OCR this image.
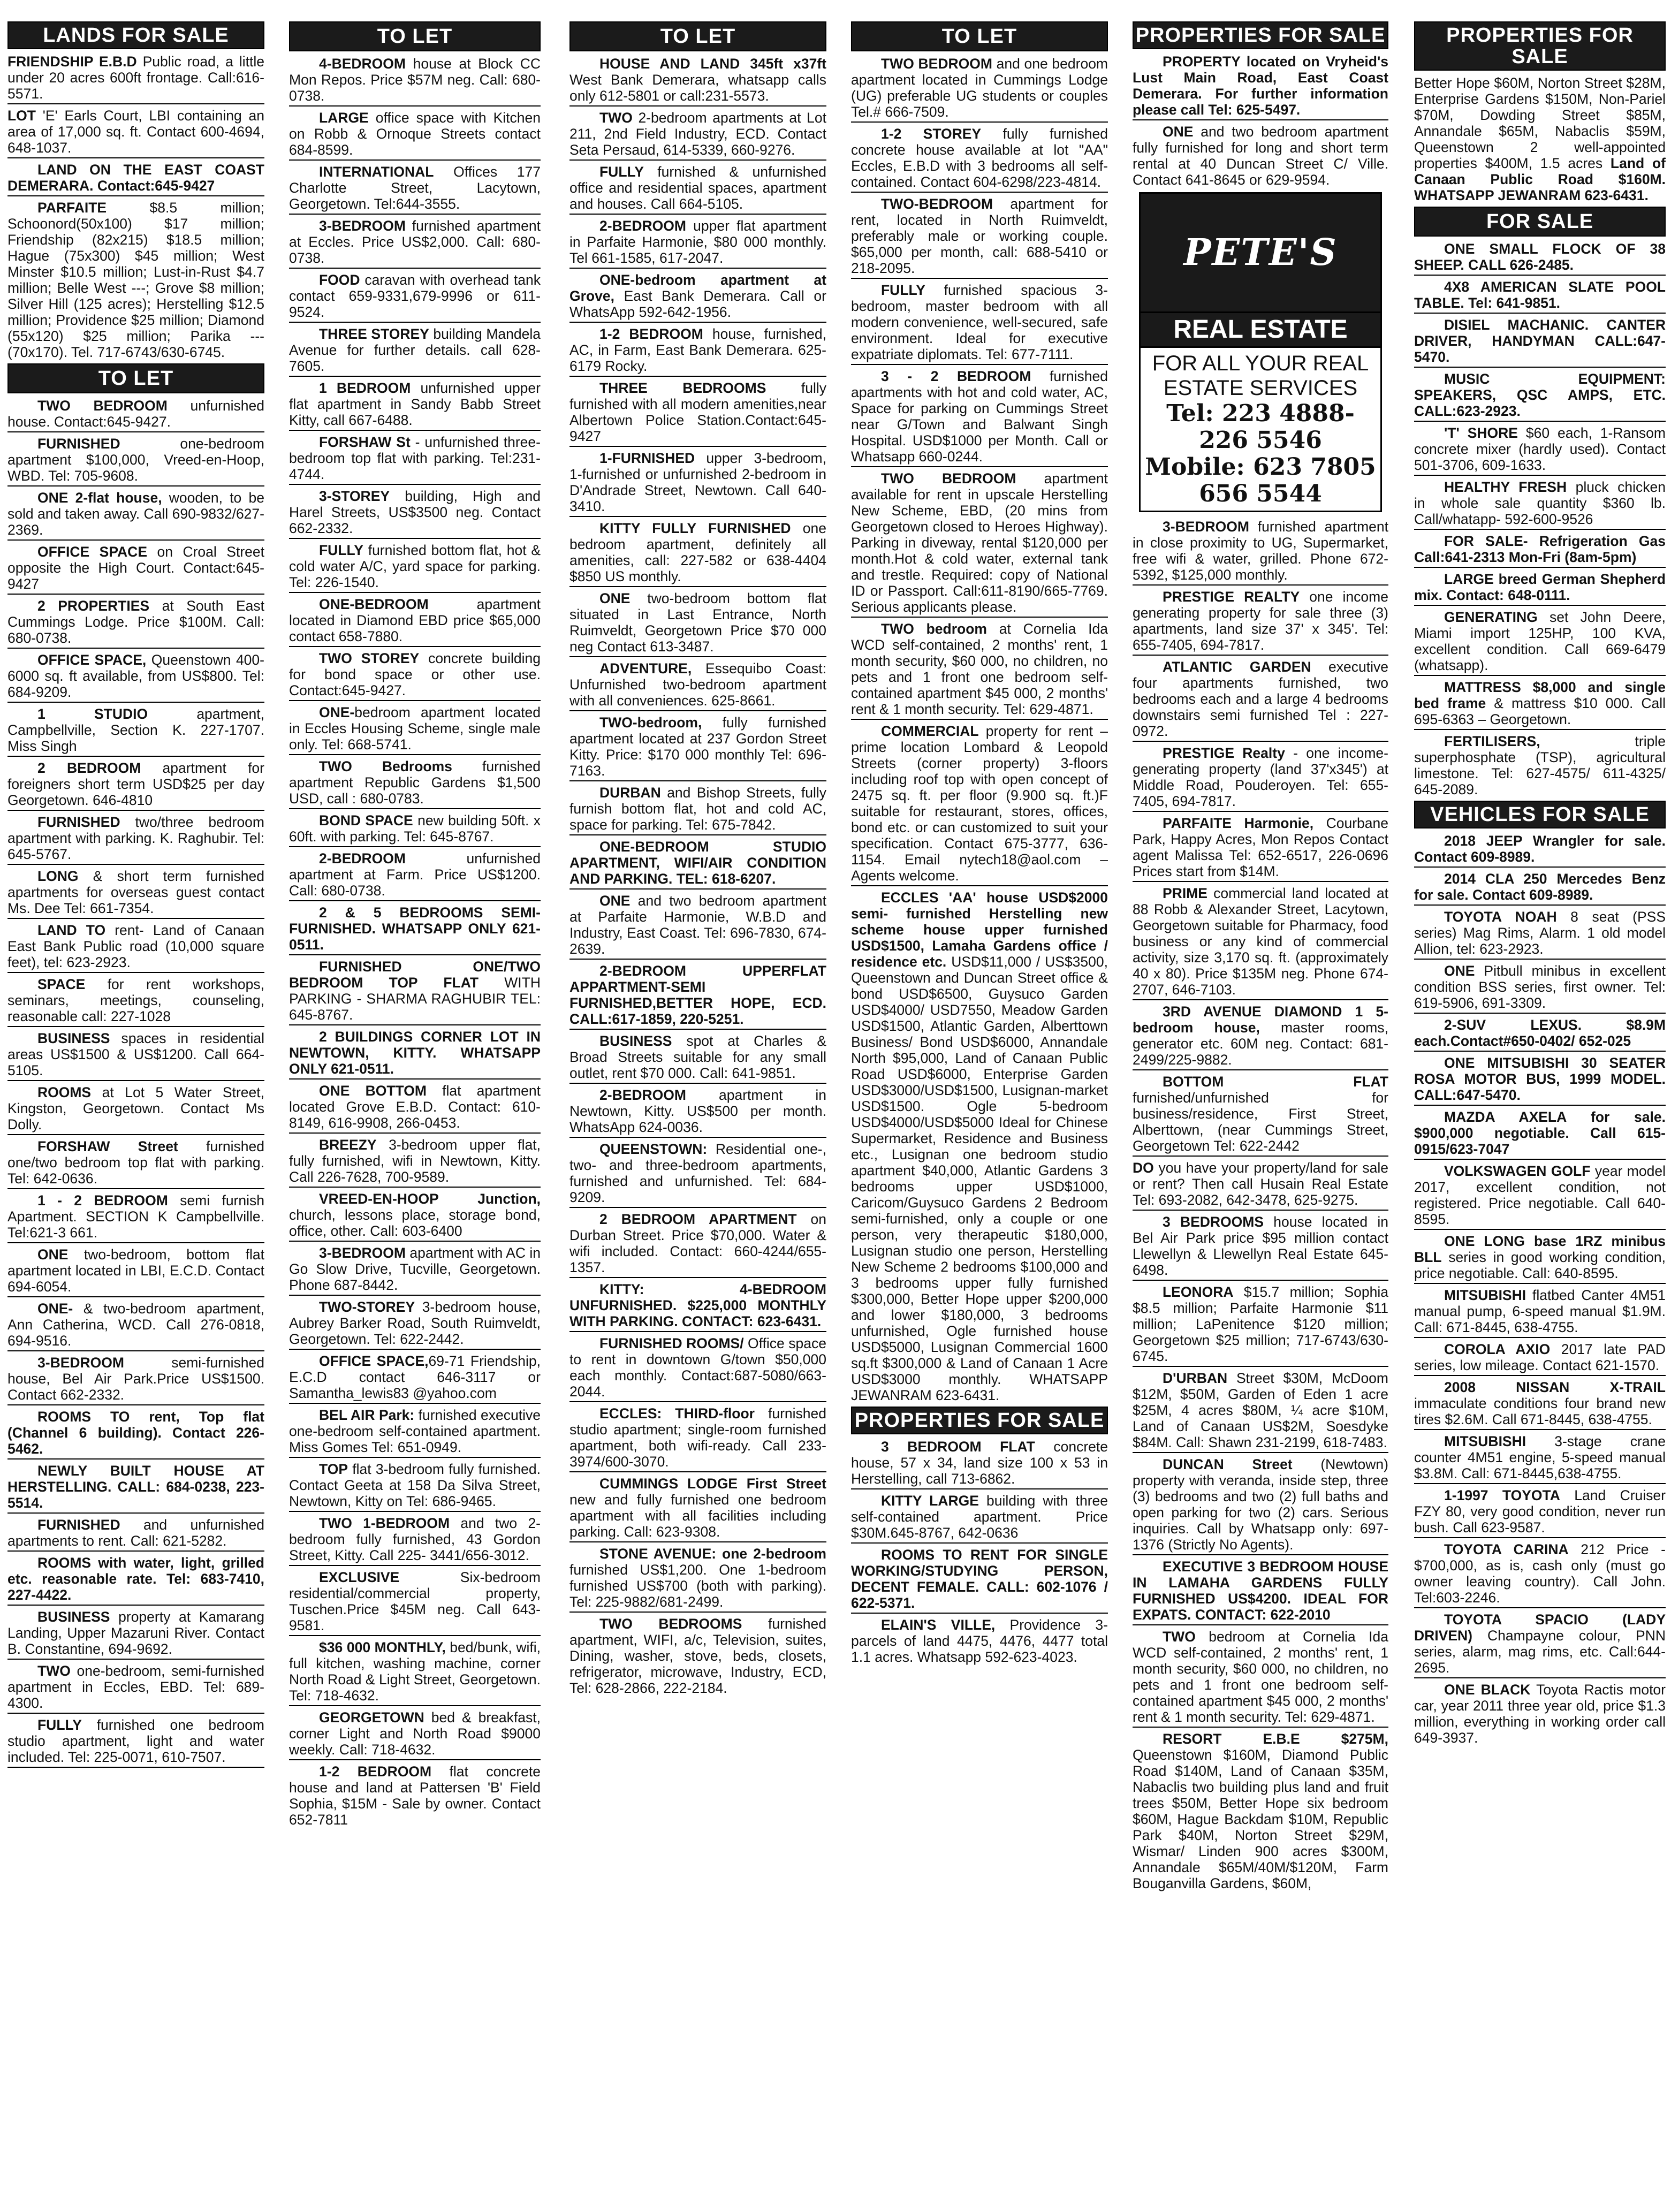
LANDS FOR SALE
FRIENDSHIP E.B.D Public road, a little under 20 acres 600ft frontage. Call:616-5571.
LOT 'E' Earls Court, LBI containing an area of 17,000 sq. ft. Contact 600-4694, 648-1037.
LAND ON THE EAST COAST DEMERARA. Contact:645-9427
PARFAITE $8.5 million; Schoonord(50x100) $17 million; Friendship (82x215) $18.5 million; Hague (75x300) $45 million; West Minster $10.5 million; Lust-in-Rust $4.7 million; Belle West ---; Grove $8 million; Silver Hill (125 acres); Herstelling $12.5 million; Providence $25 million; Diamond (55x120) $25 million; Parika --- (70x170). Tel. 717-6743/630-6745.
TO LET
TWO BEDROOM unfurnished house. Contact:645-9427.
FURNISHED one-bedroom apartment $100,000, Vreed-en-Hoop, WBD. Tel: 705-9608.
ONE 2-flat house, wooden, to be sold and taken away. Call 690-9832/627-2369.
OFFICE SPACE on Croal Street opposite the High Court. Contact:645-9427
2 PROPERTIES at South East Cummings Lodge. Price $100M. Call: 680-0738.
OFFICE SPACE, Queenstown 400-6000 sq. ft available, from US$800. Tel: 684-9209.
1 STUDIO apartment, Campbellville, Section K. 227-1707. Miss Singh
2 BEDROOM apartment for foreigners short term USD$25 per day Georgetown. 646-4810
FURNISHED two/three bedroom apartment with parking. K. Raghubir. Tel: 645-5767.
LONG & short term furnished apartments for overseas guest contact Ms. Dee Tel: 661-7354.
LAND TO rent- Land of Canaan East Bank Public road (10,000 square feet), tel: 623-2923.
SPACE for rent workshops, seminars, meetings, counseling, reasonable call: 227-1028
BUSINESS spaces in residential areas US$1500 & US$1200. Call 664-5105.
ROOMS at Lot 5 Water Street, Kingston, Georgetown. Contact Ms Dolly.
FORSHAW Street furnished one/two bedroom top flat with parking. Tel: 642-0636.
1 - 2 BEDROOM semi furnish Apartment. SECTION K Campbellville. Tel:621-3 661.
ONE two-bedroom, bottom flat apartment located in LBI, E.C.D. Contact 694-6054.
ONE- & two-bedroom apartment, Ann Catherina, WCD. Call 276-0818, 694-9516.
3-BEDROOM semi-furnished house, Bel Air Park.Price US$1500. Contact 662-2332.
ROOMS TO rent, Top flat (Channel 6 building). Contact 226-5462.
NEWLY BUILT HOUSE AT HERSTELLING. CALL: 684-0238, 223-5514.
FURNISHED and unfurnished apartments to rent. Call: 621-5282.
ROOMS with water, light, grilled etc. reasonable rate. Tel: 683-7410, 227-4422.
BUSINESS property at Kamarang Landing, Upper Mazaruni River. Contact B. Constantine, 694-9692.
TWO one-bedroom, semi-furnished apartment in Eccles, EBD. Tel: 689-4300.
FULLY furnished one bedroom studio apartment, light and water included. Tel: 225-0071, 610-7507.
TO LET
4-BEDROOM house at Block CC Mon Repos. Price $57M neg. Call: 680-0738.
LARGE office space with Kitchen on Robb & Ornoque Streets contact 684-8599.
INTERNATIONAL Offices 177 Charlotte Street, Lacytown, Georgetown. Tel:644-3555.
3-BEDROOM furnished apartment at Eccles. Price US$2,000. Call: 680-0738.
FOOD caravan with overhead tank contact 659-9331,679-9996 or 611-9524.
THREE STOREY building Mandela Avenue for further details. call 628-7605.
1 BEDROOM unfurnished upper flat apartment in Sandy Babb Street Kitty, call 667-6488.
FORSHAW St - unfurnished three-bedroom top flat with parking. Tel:231-4744.
3-STOREY building, High and Harel Streets, US$3500 neg. Contact 662-2332.
FULLY furnished bottom flat, hot & cold water A/C, yard space for parking. Tel: 226-1540.
ONE-BEDROOM apartment located in Diamond EBD price $65,000 contact 658-7880.
TWO STOREY concrete building for bond space or other use. Contact:645-9427.
ONE-bedroom apartment located in Eccles Housing Scheme, single male only. Tel: 668-5741.
TWO Bedrooms furnished apartment Republic Gardens $1,500 USD, call : 680-0783.
BOND SPACE new building 50ft. x 60ft. with parking. Tel: 645-8767.
2-BEDROOM unfurnished apartment at Farm. Price US$1200. Call: 680-0738.
2 & 5 BEDROOMS SEMI-FURNISHED. WHATSAPP ONLY 621-0511.
FURNISHED ONE/TWO BEDROOM TOP FLAT WITH PARKING - SHARMA RAGHUBIR TEL: 645-8767.
2 BUILDINGS CORNER LOT IN NEWTOWN, KITTY. WHATSAPP ONLY 621-0511.
ONE BOTTOM flat apartment located Grove E.B.D. Contact: 610-8149, 616-9908, 266-0453.
BREEZY 3-bedroom upper flat, fully furnished, wifi in Newtown, Kitty. Call 226-7628, 700-9589.
VREED-EN-HOOP Junction, church, lessons place, storage bond, office, other. Call: 603-6400
3-BEDROOM apartment with AC in Go Slow Drive, Tucville, Georgetown. Phone 687-8442.
TWO-STOREY 3-bedroom house, Aubrey Barker Road, South Ruimveldt, Georgetown. Tel: 622-2442.
OFFICE SPACE,69-71 Friendship, E.C.D contact 646-3117 or Samantha_lewis83 @yahoo.com
BEL AIR Park: furnished executive one-bedroom self-contained apartment. Miss Gomes Tel: 651-0949.
TOP flat 3-bedroom fully furnished. Contact Geeta at 158 Da Silva Street, Newtown, Kitty on Tel: 686-9465.
TWO 1-BEDROOM and two 2-bedroom fully furnished, 43 Gordon Street, Kitty. Call 225- 3441/656-3012.
EXCLUSIVE Six-bedroom residential/commercial property, Tuschen.Price $45M neg. Call 643-9581.
$36 000 MONTHLY, bed/bunk, wifi, full kitchen, washing machine, corner North Road & Light Street, Georgetown. Tel: 718-4632.
GEORGETOWN bed & breakfast, corner Light and North Road $9000 weekly. Call: 718-4632.
1-2 BEDROOM flat concrete house and land at Pattersen 'B' Field Sophia, $15M - Sale by owner. Contact 652-7811
TO LET
HOUSE AND LAND 345ft x37ft West Bank Demerara, whatsapp calls only 612-5801 or call:231-5573.
TWO 2-bedroom apartments at Lot 211, 2nd Field Industry, ECD. Contact Seta Persaud, 614-5339, 660-9276.
FULLY furnished & unfurnished office and residential spaces, apartment and houses. Call 664-5105.
2-BEDROOM upper flat apartment in Parfaite Harmonie, $80 000 monthly. Tel 661-1585, 617-2047.
ONE-bedroom apartment at Grove, East Bank Demerara. Call or WhatsApp 592-642-1956.
1-2 BEDROOM house, furnished, AC, in Farm, East Bank Demerara. 625-6179 Rocky.
THREE BEDROOMS fully furnished with all modern amenities,near Albertown Police Station.Contact:645-9427
1-FURNISHED upper 3-bedroom, 1-furnished or unfurnished 2-bedroom in D'Andrade Street, Newtown. Call 640-3410.
KITTY FULLY FURNISHED one bedroom apartment, definitely all amenities, call: 227-582 or 638-4404 $850 US monthly.
ONE two-bedroom bottom flat situated in Last Entrance, North Ruimveldt, Georgetown Price $70 000 neg Contact 613-3487.
ADVENTURE, Essequibo Coast: Unfurnished two-bedroom apartment with all conveniences. 625-8661.
TWO-bedroom, fully furnished apartment located at 237 Gordon Street Kitty. Price: $170 000 monthly Tel: 696-7163.
DURBAN and Bishop Streets, fully furnish bottom flat, hot and cold AC, space for parking. Tel: 675-7842.
ONE-BEDROOM STUDIO APARTMENT, WIFI/AIR CONDITION AND PARKING. TEL: 618-6207.
ONE and two bedroom apartment at Parfaite Harmonie, W.B.D and Industry, East Coast. Tel: 696-7830, 674-2639.
2-BEDROOM UPPERFLAT APPARTMENT-SEMI FURNISHED,BETTER HOPE, ECD. CALL:617-1859, 220-5251.
BUSINESS spot at Charles & Broad Streets suitable for any small outlet, rent $70 000. Call: 641-9851.
2-BEDROOM apartment in Newtown, Kitty. US$500 per month. WhatsApp 624-0036.
QUEENSTOWN: Residential one-, two- and three-bedroom apartments, furnished and unfurnished. Tel: 684-9209.
2 BEDROOM APARTMENT on Durban Street. Price $70,000. Water & wifi included. Contact: 660-4244/655-1357.
KITTY: 4-BEDROOM UNFURNISHED. $225,000 MONTHLY WITH PARKING. CONTACT: 623-6431.
FURNISHED ROOMS/ Office space to rent in downtown G/town $50,000 each monthly. Contact:687-5080/663-2044.
ECCLES: THIRD-floor furnished studio apartment; single-room furnished apartment, both wifi-ready. Call 233-3974/600-3070.
CUMMINGS LODGE First Street new and fully furnished one bedroom apartment with all facilities including parking. Call: 623-9308.
STONE AVENUE: one 2-bedroom furnished US$1,200. One 1-bedroom furnished US$700 (both with parking). Tel: 225-9882/681-2499.
TWO BEDROOMS furnished apartment, WIFI, a/c, Television, suites, Dining, washer, stove, beds, closets, refrigerator, microwave, Industry, ECD, Tel: 628-2866, 222-2184.
TO LET
TWO BEDROOM and one bedroom apartment located in Cummings Lodge (UG) preferable UG students or couples Tel.# 666-7509.
1-2 STOREY fully furnished concrete house available at lot "AA" Eccles, E.B.D with 3 bedrooms all self-contained. Contact 604-6298/223-4814.
TWO-BEDROOM apartment for rent, located in North Ruimveldt, preferably male or working couple. $65,000 per month, call: 688-5410 or 218-2095.
FULLY furnished spacious 3-bedroom, master bedroom with all modern convenience, well-secured, safe environment. Ideal for executive expatriate diplomats. Tel: 677-7111.
3 - 2 BEDROOM furnished apartments with hot and cold water, AC, Space for parking on Cummings Street near G/Town and Balwant Singh Hospital. USD$1000 per Month. Call or Whatsapp 660-0244.
TWO BEDROOM apartment available for rent in upscale Herstelling New Scheme, EBD, (20 mins from Georgetown closed to Heroes Highway). Parking in diveway, rental $120,000 per month.Hot & cold water, external tank and trestle. Required: copy of National ID or Passport. Call:611-8190/665-7769. Serious applicants please.
TWO bedroom at Cornelia Ida WCD self-contained, 2 months' rent, 1 month security, $60 000, no children, no pets and 1 front one bedroom self-contained apartment $45 000, 2 months' rent & 1 month security. Tel: 629-4871.
COMMERCIAL property for rent – prime location Lombard & Leopold Streets (corner property) 3-floors including roof top with open concept of 2475 sq. ft. per floor (9.900 sq. ft.)F suitable for restaurant, stores, offices, bond etc. or can customized to suit your specification. Contact 675-3777, 636-1154. Email nytech18@aol.com – Agents welcome.
ECCLES 'AA' house USD$2000 semi- furnished Herstelling new scheme house upper furnished USD$1500, Lamaha Gardens office / residence etc. USD$11,000 / US$3500, Queenstown and Duncan Street office & bond USD$6500, Guysuco Garden USD$4000/ USD7550, Meadow Garden USD$1500, Atlantic Garden, Alberttown Business/ Bond USD$6000, Annandale North $95,000, Land of Canaan Public Road USD$6000, Enterprise Garden USD$3000/USD$1500, Lusignan-market USD$1500. Ogle 5-bedroom USD$4000/USD$5000 Ideal for Chinese Supermarket, Residence and Business etc., Lusignan one bedroom studio apartment $40,000, Atlantic Gardens 3 bedrooms upper USD$1000, Caricom/Guysuco Gardens 2 Bedroom semi-furnished, only a couple or one person, very therapeutic $180,000, Lusignan studio one person, Herstelling New Scheme 2 bedrooms $100,000 and 3 bedrooms upper fully furnished $300,000, Better Hope upper $200,000 and lower $180,000, 3 bedrooms unfurnished, Ogle furnished house USD$5000, Lusignan Commercial 1600 sq.ft $300,000 & Land of Canaan 1 Acre USD$3000 monthly. WHATSAPP JEWANRAM 623-6431.
PROPERTIES FOR SALE
3 BEDROOM FLAT concrete house, 57 x 34, land size 100 x 53 in Herstelling, call 713-6862.
KITTY LARGE building with three self-contained apartment. Price $30M.645-8767, 642-0636
ROOMS TO RENT FOR SINGLE WORKING/STUDYING PERSON, DECENT FEMALE. CALL: 602-1076 / 622-5371.
ELAIN'S VILLE, Providence 3-parcels of land 4475, 4476, 4477 total 1.1 acres. Whatsapp 592-623-4023.
PROPERTIES FOR SALE
PROPERTY located on Vryheid's Lust Main Road, East Coast Demerara. For further information please call Tel: 625-5497.
ONE and two bedroom apartment fully furnished for long and short term rental at 40 Duncan Street C/ Ville. Contact 641-8645 or 629-9594.
PETE'S
REAL ESTATE
FOR ALL YOUR REAL
ESTATE SERVICES
Tel: 223 4888-
226 5546
Mobile: 623 7805
656 5544
3-BEDROOM furnished apartment in close proximity to UG, Supermarket, free wifi & water, grilled. Phone 672-5392, $125,000 monthly.
PRESTIGE REALTY one income generating property for sale three (3) apartments, land size 37' x 345'. Tel: 655-7405, 694-7817.
ATLANTIC GARDEN executive four apartments furnished, two bedrooms each and a large 4 bedrooms downstairs semi furnished Tel : 227-0972.
PRESTIGE Realty - one income-generating property (land 37'x345') at Middle Road, Pouderoyen. Tel: 655-7405, 694-7817.
PARFAITE Harmonie, Courbane Park, Happy Acres, Mon Repos Contact agent Malissa Tel: 652-6517, 226-0696 Prices start from $14M.
PRIME commercial land located at 88 Robb & Alexander Street, Lacytown, Georgetown suitable for Pharmacy, food business or any kind of commercial activity, size 3,170 sq. ft. (approximately 40 x 80). Price $135M neg. Phone 674-2707, 646-7103.
3RD AVENUE DIAMOND 1 5-bedroom house, master rooms, generator etc. 60M neg. Contact: 681-2499/225-9882.
BOTTOM FLAT furnished/unfurnished for business/residence, First Street, Alberttown, (near Cummings Street, Georgetown Tel: 622-2442
DO you have your property/land for sale or rent? Then call Husain Real Estate Tel: 693-2082, 642-3478, 625-9275.
3 BEDROOMS house located in Bel Air Park price $95 million contact Llewellyn & Llewellyn Real Estate 645-6498.
LEONORA $15.7 million; Sophia $8.5 million; Parfaite Harmonie $11 million; LaPenitence $120 million; Georgetown $25 million; 717-6743/630-6745.
D'URBAN Street $30M, McDoom $12M, $50M, Garden of Eden 1 acre $25M, 4 acres $80M, ¼ acre $10M, Land of Canaan US$2M, Soesdyke $84M. Call: Shawn 231-2199, 618-7483.
DUNCAN Street (Newtown) property with veranda, inside step, three (3) bedrooms and two (2) full baths and open parking for two (2) cars. Serious inquiries. Call by Whatsapp only: 697-1376 (Strictly No Agents).
EXECUTIVE 3 BEDROOM HOUSE IN LAMAHA GARDENS FULLY FURNISHED US$4200. IDEAL FOR EXPATS. CONTACT: 622-2010
TWO bedroom at Cornelia Ida WCD self-contained, 2 months' rent, 1 month security, $60 000, no children, no pets and 1 front one bedroom self-contained apartment $45 000, 2 months' rent & 1 month security. Tel: 629-4871.
RESORT E.B.E $275M, Queenstown $160M, Diamond Public Road $140M, Land of Canaan $35M, Nabaclis two building plus land and fruit trees $50M, Better Hope six bedroom $60M, Hague Backdam $10M, Republic Park $40M, Norton Street $29M, Wismar/ Linden 900 acres $300M, Annandale $65M/40M/$120M, Farm Bouganvilla Gardens, $60M,
PROPERTIES FOR SALE
Better Hope $60M, Norton Street $28M, Enterprise Gardens $150M, Non-Pariel $70M, Dowding Street $85M, Annandale $65M, Nabaclis $59M, Queenstown 2 well-appointed properties $400M, 1.5 acres Land of Canaan Public Road $160M. WHATSAPP JEWANRAM 623-6431.
FOR SALE
ONE SMALL FLOCK OF 38 SHEEP. CALL 626-2485.
4X8 AMERICAN SLATE POOL TABLE. Tel: 641-9851.
DISIEL MACHANIC. CANTER DRIVER, HANDYMAN CALL:647-5470.
MUSIC EQUIPMENT: SPEAKERS, QSC AMPS, ETC. CALL:623-2923.
'T' SHORE $60 each, 1-Ransom concrete mixer (hardly used). Contact 501-3706, 609-1633.
HEALTHY FRESH pluck chicken in whole sale quantity $360 lb. Call/whatapp- 592-600-9526
FOR SALE- Refrigeration Gas Call:641-2313 Mon-Fri (8am-5pm)
LARGE breed German Shepherd mix. Contact: 648-0111.
GENERATING set John Deere, Miami import 125HP, 100 KVA, excellent condition. Call 669-6479 (whatsapp).
MATTRESS $8,000 and single bed frame & mattress $10 000. Call 695-6363 – Georgetown.
FERTILISERS, triple superphosphate (TSP), agricultural limestone. Tel: 627-4575/ 611-4325/ 645-2089.
VEHICLES FOR SALE
2018 JEEP Wrangler for sale. Contact 609-8989.
2014 CLA 250 Mercedes Benz for sale. Contact 609-8989.
TOYOTA NOAH 8 seat (PSS series) Mag Rims, Alarm. 1 old model Allion, tel: 623-2923.
ONE Pitbull minibus in excellent condition BSS series, first owner. Tel: 619-5906, 691-3309.
2-SUV LEXUS. $8.9M each.Contact#650-0402/ 652-025
ONE MITSUBISHI 30 SEATER ROSA MOTOR BUS, 1999 MODEL. CALL:647-5470.
MAZDA AXELA for sale. $900,000 negotiable. Call 615-0915/623-7047
VOLKSWAGEN GOLF year model 2017, excellent condition, not registered. Price negotiable. Call 640-8595.
ONE LONG base 1RZ minibus BLL series in good working condition, price negotiable. Call: 640-8595.
MITSUBISHI flatbed Canter 4M51 manual pump, 6-speed manual $1.9M. Call: 671-8445, 638-4755.
COROLA AXIO 2017 late PAD series, low mileage. Contact 621-1570.
2008 NISSAN X-TRAIL immaculate conditions four brand new tires $2.6M. Call 671-8445, 638-4755.
MITSUBISHI 3-stage crane counter 4M51 engine, 5-speed manual $3.8M. Call: 671-8445,638-4755.
1-1997 TOYOTA Land Cruiser FZY 80, very good condition, never run bush. Call 623-9587.
TOYOTA CARINA 212 Price - $700,000, as is, cash only (must go owner leaving country). Call John. Tel:603-2246.
TOYOTA SPACIO (LADY DRIVEN) Champayne colour, PNN series, alarm, mag rims, etc. Call:644-2695.
ONE BLACK Toyota Ractis motor car, year 2011 three year old, price $1.3 million, everything in working order call 649-3937.
